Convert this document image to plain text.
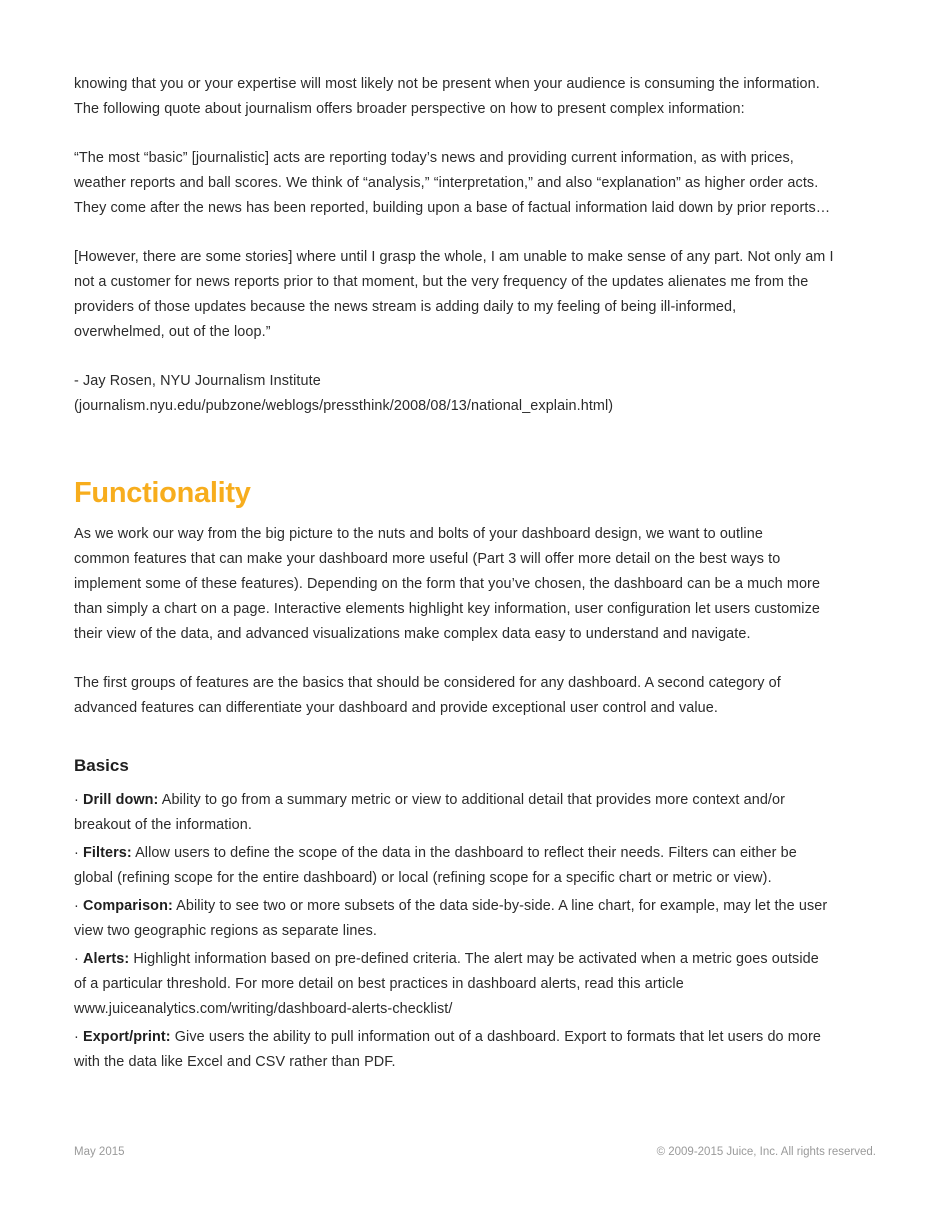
knowing that you or your expertise will most likely not be present when your audience is consuming the information.
The following quote about journalism offers broader perspective on how to present complex information:

“The most “basic” [journalistic] acts are reporting today’s news and providing current information, as with prices,
weather reports and ball scores. We think of “analysis,” “interpretation,” and also “explanation” as higher order acts.
They come after the news has been reported, building upon a base of factual information laid down by prior reports…

[However, there are some stories] where until I grasp the whole, I am unable to make sense of any part. Not only am I
not a customer for news reports prior to that moment, but the very frequency of the updates alienates me from the
providers of those updates because the news stream is adding daily to my feeling of being ill-informed,
overwhelmed, out of the loop.”

- Jay Rosen, NYU Journalism Institute
(journalism.nyu.edu/pubzone/weblogs/pressthink/2008/08/13/national_explain.html)

Functionality

As we work our way from the big picture to the nuts and bolts of your dashboard design, we want to outline
common features that can make your dashboard more useful (Part 3 will offer more detail on the best ways to
implement some of these features). Depending on the form that you’ve chosen, the dashboard can be a much more
than simply a chart on a page. Interactive elements highlight key information, user configuration let users customize
their view of the data, and advanced visualizations make complex data easy to understand and navigate.

The first groups of features are the basics that should be considered for any dashboard. A second category of
advanced features can differentiate your dashboard and provide exceptional user control and value.

Basics

· Drill down: Ability to go from a summary metric or view to additional detail that provides more context and/or
breakout of the information.

· Filters: Allow users to define the scope of the data in the dashboard to reflect their needs. Filters can either be
global (refining scope for the entire dashboard) or local (refining scope for a specific chart or metric or view).

· Comparison: Ability to see two or more subsets of the data side-by-side. A line chart, for example, may let the user
view two geographic regions as separate lines.

· Alerts: Highlight information based on pre-defined criteria. The alert may be activated when a metric goes outside
of a particular threshold. For more detail on best practices in dashboard alerts, read this article
www.juiceanalytics.com/writing/dashboard-alerts-checklist/

· Export/print: Give users the ability to pull information out of a dashboard. Export to formats that let users do more
with the data like Excel and CSV rather than PDF.

May 2015	© 2009-2015 Juice, Inc. All rights reserved.
